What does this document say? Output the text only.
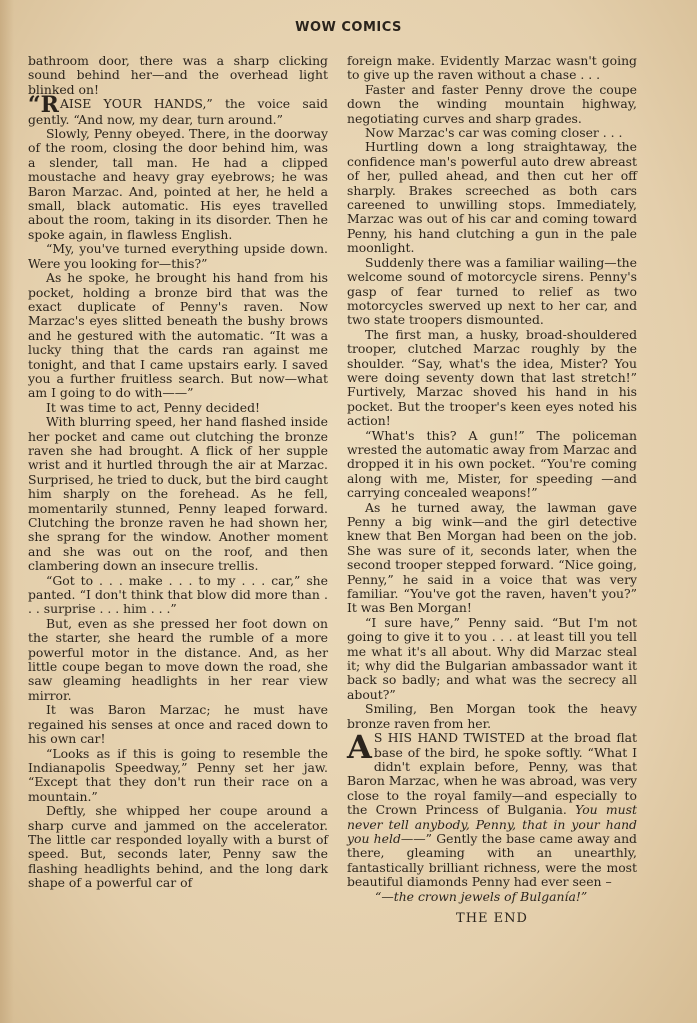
WOW COMICS

bathroom door, there was a sharp clicking sound behind her—and the overhead light blinked on!

“RAISE YOUR HANDS,” the voice said gently. “And now, my dear, turn around.”

Slowly, Penny obeyed. There, in the doorway of the room, closing the door behind him, was a slender, tall man. He had a clipped moustache and heavy gray eyebrows; he was Baron Marzac. And, pointed at her, he held a small, black automatic. His eyes travelled about the room, taking in its disorder. Then he spoke again, in flawless English.

“My, you've turned everything upside down. Were you looking for—this?”

As he spoke, he brought his hand from his pocket, holding a bronze bird that was the exact duplicate of Penny's raven. Now Marzac's eyes slitted beneath the bushy brows and he gestured with the automatic. “It was a lucky thing that the cards ran against me tonight, and that I came upstairs early. I saved you a further fruitless search. But now—what am I going to do with——”

It was time to act, Penny decided!

With blurring speed, her hand flashed inside her pocket and came out clutching the bronze raven she had brought. A flick of her supple wrist and it hurtled through the air at Marzac. Surprised, he tried to duck, but the bird caught him sharply on the forehead. As he fell, momentarily stunned, Penny leaped forward. Clutching the bronze raven he had shown her, she sprang for the window. Another moment and she was out on the roof, and then clambering down an insecure trellis.

“Got to . . . make . . . to my . . . car,” she panted. “I don't think that blow did more than . . . surprise . . . him . . .”

But, even as she pressed her foot down on the starter, she heard the rumble of a more powerful motor in the distance. And, as her little coupe began to move down the road, she saw gleaming headlights in her rear view mirror.

It was Baron Marzac; he must have regained his senses at once and raced down to his own car!

“Looks as if this is going to resemble the Indianapolis Speedway,” Penny set her jaw. “Except that they don't run their race on a mountain.”

Deftly, she whipped her coupe around a sharp curve and jammed on the accelerator. The little car responded loyally with a burst of speed. But, seconds later, Penny saw the flashing headlights behind, and the long dark shape of a powerful car of

foreign make. Evidently Marzac wasn't going to give up the raven without a chase . . .

Faster and faster Penny drove the coupe down the winding mountain highway, negotiating curves and sharp grades.

Now Marzac's car was coming closer . . .

Hurtling down a long straightaway, the confidence man's powerful auto drew abreast of her, pulled ahead, and then cut her off sharply. Brakes screeched as both cars careened to unwilling stops. Immediately, Marzac was out of his car and coming toward Penny, his hand clutching a gun in the pale moonlight.

Suddenly there was a familiar wailing—the welcome sound of motorcycle sirens. Penny's gasp of fear turned to relief as two motorcycles swerved up next to her car, and two state troopers dismounted.

The first man, a husky, broad-shouldered trooper, clutched Marzac roughly by the shoulder. “Say, what's the idea, Mister? You were doing seventy down that last stretch!” Furtively, Marzac shoved his hand in his pocket. But the trooper's keen eyes noted his action!

“What's this? A gun!” The policeman wrested the automatic away from Marzac and dropped it in his own pocket. “You're coming along with me, Mister, for speeding —and carrying concealed weapons!”

As he turned away, the lawman gave Penny a big wink—and the girl detective knew that Ben Morgan had been on the job. She was sure of it, seconds later, when the second trooper stepped forward. “Nice going, Penny,” he said in a voice that was very familiar. “You've got the raven, haven't you?” It was Ben Morgan!

“I sure have,” Penny said. “But I'm not going to give it to you . . . at least till you tell me what it's all about. Why did Marzac steal it; why did the Bulgarian ambassador want it back so badly; and what was the secrecy all about?”

Smiling, Ben Morgan took the heavy bronze raven from her.

A S HIS HAND TWISTED at the broad flat base of the bird, he spoke softly. “What I didn't explain before, Penny, was that Baron Marzac, when he was abroad, was very close to the royal family—and especially to the Crown Princess of Bulgania. You must never tell anybody, Penny, that in your hand you held——” Gently the base came away and there, gleaming with an unearthly, fantastically brilliant richness, were the most beautiful diamonds Penny had ever seen –

“—the crown jewels of Bulganía!”

THE END
